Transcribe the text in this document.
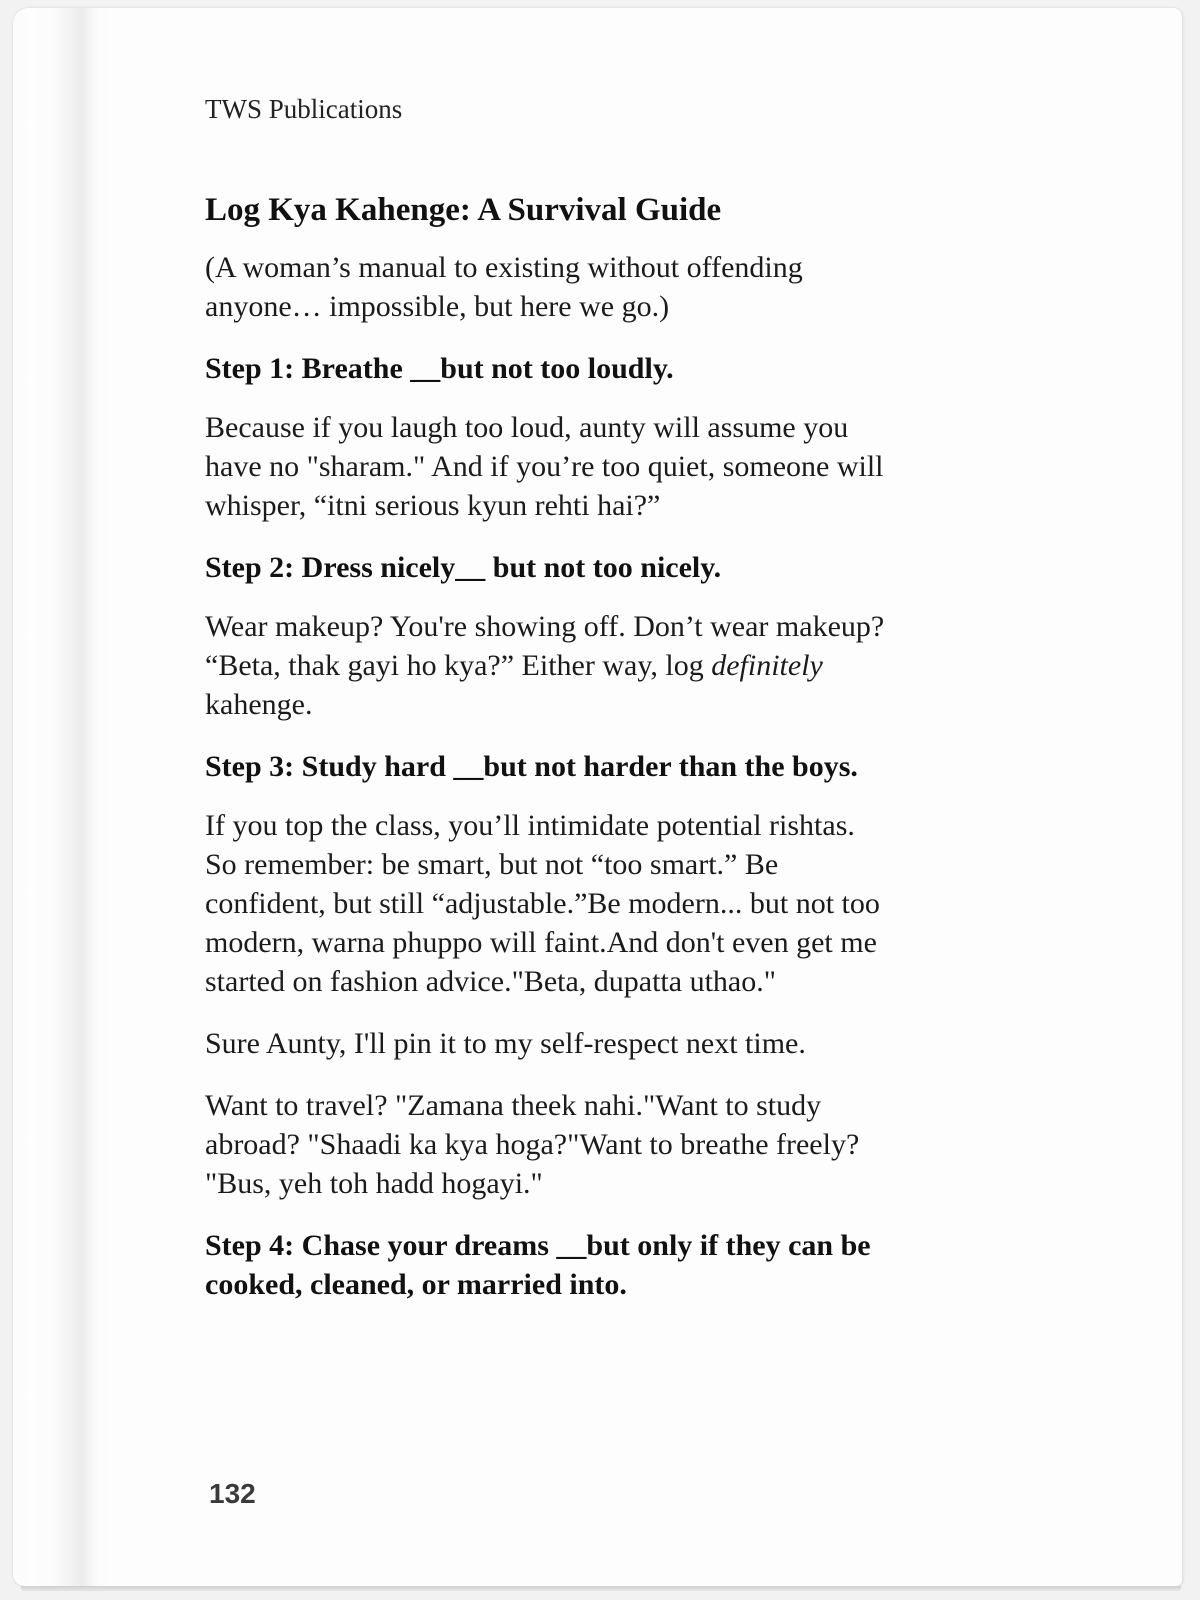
TWS Publications
Log Kya Kahenge: A Survival Guide
(A woman’s manual to existing without offending
anyone… impossible, but here we go.)
Step 1: Breathe __but not too loudly.
Because if you laugh too loud, aunty will assume you
have no "sharam." And if you’re too quiet, someone will
whisper, “itni serious kyun rehti hai?”
Step 2: Dress nicely__ but not too nicely.
Wear makeup? You're showing off. Don’t wear makeup?
“Beta, thak gayi ho kya?” Either way, log definitely
kahenge.
Step 3: Study hard __but not harder than the boys.
If you top the class, you’ll intimidate potential rishtas.
So remember: be smart, but not “too smart.” Be
confident, but still “adjustable.”Be modern... but not too
modern, warna phuppo will faint.And don't even get me
started on fashion advice."Beta, dupatta uthao."
Sure Aunty, I'll pin it to my self-respect next time.
Want to travel? "Zamana theek nahi."Want to study
abroad? "Shaadi ka kya hoga?"Want to breathe freely?
"Bus, yeh toh hadd hogayi."
Step 4: Chase your dreams __but only if they can be
cooked, cleaned, or married into.
132
